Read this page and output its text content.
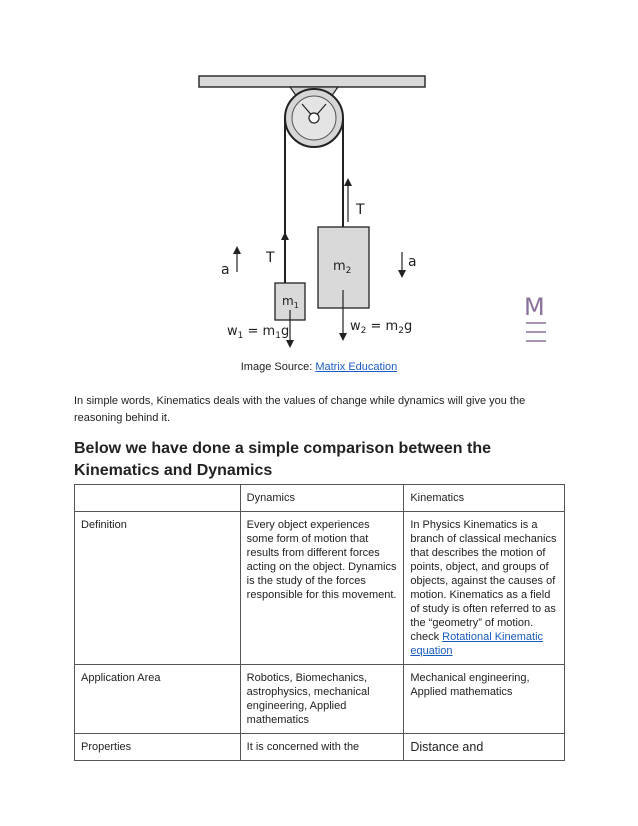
a	a
T
T
$m_1$
$m_2$
$w_1 = m_1g$	$w_2 = m_2g$
M
Image Source: Matrix Education
In simple words, Kinematics deals with the values of change while dynamics will give you the reasoning behind it.
Below we have done a simple comparison between the Kinematics and Dynamics
	Dynamics	Kinematics
Definition	Every object experiences some form of motion that results from different forces acting on the object. Dynamics is the study of the forces responsible for this movement.	In Physics Kinematics is a branch of classical mechanics that describes the motion of points, object, and groups of objects, against the causes of motion. Kinematics as a field of study is often referred to as the “geometry” of motion. check Rotational Kinematic equation
Application Area	Robotics, Biomechanics, astrophysics, mechanical engineering, Applied mathematics	Mechanical engineering, Applied mathematics
Properties	It is concerned with the	Distance and
